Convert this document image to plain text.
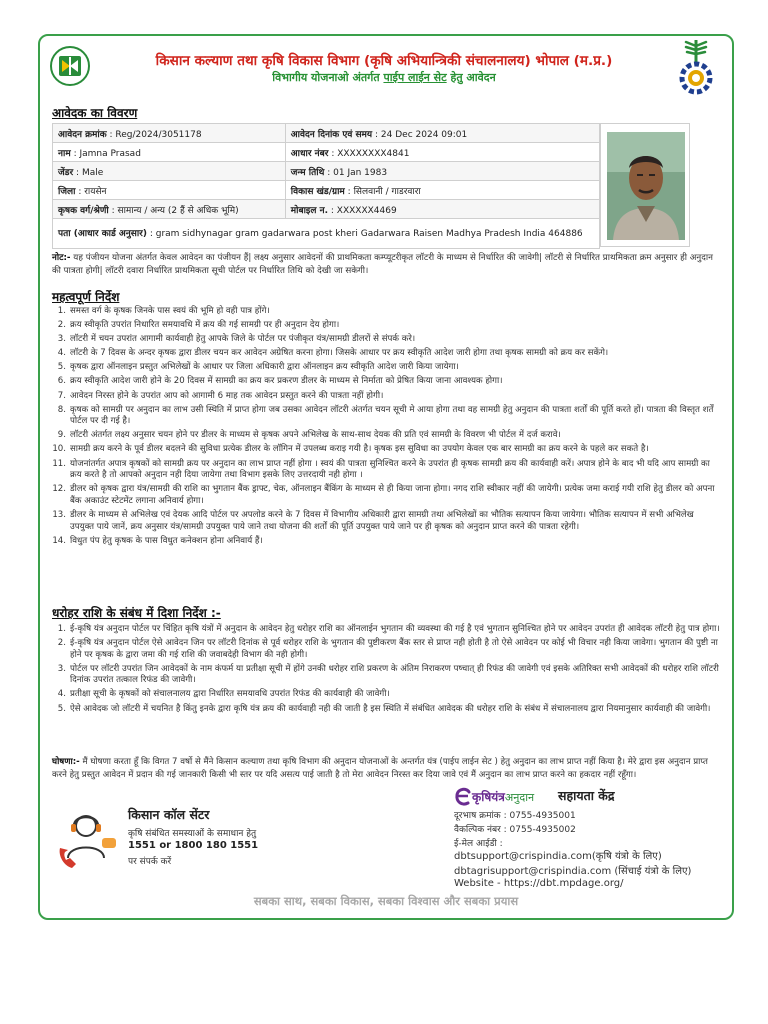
किसान कल्याण तथा कृषि विकास विभाग (कृषि अभियान्त्रिकी संचालनालय) भोपाल (म.प्र.)
विभागीय योजनाओ अंतर्गत पाईप लाईन सेट हेतु आवेदन
आवेदक का विवरण
आवेदन क्रमांक : Reg/2024/3051178	आवेदन दिनांक एवं समय : 24 Dec 2024 09:01
नाम : Jamna Prasad	आधार नंबर : XXXXXXXX4841
जेंडर : Male	जन्म तिथि : 01 Jan 1983
जिला : रायसेन	विकास खंड/ग्राम : सिलवानी / गाडरवारा
कृषक वर्ग/श्रेणी : सामान्य / अन्य (2 हैं से अधिक भूमि)	मोबाइल न. : XXXXXX4469
पता (आधार कार्ड अनुसार) : gram sidhynagar gram gadarwara post kheri Gadarwara Raisen Madhya Pradesh India 464886	
नोट:- यह पंजीयन योजना अंतर्गत केवल आवेदन का पंजीयन हैं| लक्ष्य अनुसार आवेदनों की प्राथमिकता कम्प्यूटरीकृत लॉटरी के माध्यम से निर्धारित की जावेगी| लॉटरी से निर्धारित प्राथमिकता क्रम अनुसार ही अनुदान की पात्रता होगी| लॉटरी दवारा निर्धारित प्राथमिकता सूची पोर्टल पर निर्धारित तिथि को देखी जा सकेगी।
महत्वपूर्ण निर्देश
1. समस्त वर्ग के कृषक जिनके पास स्वयं की भूमि हो वही पात्र होंगे।
2. क्रय स्वीकृति उपरांत निधारित समयावधि में क्रय की गई सामग्री पर ही अनुदान देय होगा।
3. लॉटरी में चयन उपरांत आगामी कार्यवाही हेतु आपके जिले के पोर्टल पर पंजीकृत यंत्र/सामग्री डीलरों से संपर्क करे।
4. लॉटरी के 7 दिवस के अन्दर कृषक द्वारा डीलर चयन कर आवेदन अग्रेषित करना होगा। जिसके आधार पर क्रय स्वीकृति आदेश जारी होगा तथा कृषक सामग्री को क्रय कर सकेंगे।
5. कृषक द्वारा ऑनलाइन प्रस्तुत अभिलेखों के आधार पर जिला अधिकारी द्वारा ऑनलाइन क्रय स्वीकृति आदेश जारी किया जायेगा।
6. क्रय स्वीकृति आदेश जारी होने के 20 दिवस में सामग्री का क्रय कर प्रकरण डीलर के माध्यम से निर्माता को प्रेषित किया जाना आवश्यक होगा।
7. आवेदन निरस्त होने के उपरांत आप को आगामी 6 माह तक आवेदन प्रस्तुत करने की पात्रता नहीं होगी।
8. कृषक को सामग्री पर अनुदान का लाभ उसी स्थिति में प्राप्त होगा जब उसका आवेदन लॉटरी अंतर्गत चयन सूची मे आया होगा तथा वह सामग्री हेतु अनुदान की पात्रता शर्तों की पूर्ति करते हों। पात्रता की विस्तृत शर्तें पोर्टल पर दी गई है।
9. लॉटरी अंतर्गत लक्ष्य अनुसार चयन होने पर डीलर के माध्यम से कृषक अपने अभिलेख के साथ-साथ देयक की प्रति एवं सामग्री के विवरण भी पोर्टल में दर्ज करावे।
10. सामग्री क्रय करने के पूर्व डीलर बदलने की सुविधा प्रत्येक डीलर के लॉगिन में उपलब्ध कराइ गयी है। कृषक इस सुविधा का उपयोग केवल एक बार सामग्री का क्रय करने के पहले कर सकते है।
11. योजनांतर्गत अपात्र कृषकों को सामग्री क्रय पर अनुदान का लाभ प्राप्त नहीं होगा । स्वयं की पात्रता सुनिश्चित करने के उपरांत ही कृषक सामग्री क्रय की कार्यवाही करें। अपात्र होने के बाद भी यदि आप सामग्री का क्रय करते है तो आपको अनुदान नही दिया जायेगा तथा विभाग इसके लिए उत्तरदायी नही होगा ।
12. डीलर को कृषक द्वारा यंत्र/सामग्री की राशि का भुगतान बैंक ड्राफ्ट, चेक, ऑनलाइन बैंकिंग के माध्यम से ही किया जाना होगा। नगद राशि स्वीकार नहीं की जायेगी। प्रत्येक जमा कराई गयी राशि हेतु डीलर को अपना बैंक अकाउंट स्टेटमेंट लगाना अनिवार्य होगा।
13. डीलर के माध्यम से अभिलेख एवं देयक आदि पोर्टल पर अपलोड करने के 7 दिवस में विभागीय अधिकारी द्वारा सामग्री तथा अभिलेखों का भौतिक सत्यापन किया जायेगा। भौतिक सत्यापन में सभी अभिलेख उपयुक्त पाये जानें, क्रय अनुसार यंत्र/सामग्री उपयुक्त पाये जाने तथा योजना की शर्तों की पूर्ति उपयुक्त पाये जाने पर ही कृषक को अनुदान प्राप्त करने की पात्रता रहेगी।
14. विधुत पंप हेतु कृषक के पास विधुत कनेक्शन होना अनिवार्य हैं।
धरोहर राशि के संबंध में दिशा निर्देश :-
1. ई-कृषि यंत्र अनुदान पोर्टल पर चिंहित कृषि यंत्रों में अनुदान के आवेदन हेतु धरोहर राशि का ऑनलाईन भुगतान की व्यवस्था की गई है एवं भुगतान सुनिश्चित होने पर आवेदन उपरांत ही आवेदक लॉटरी हेतु पात्र होगा।
2. ई-कृषि यंत्र अनुदान पोर्टल ऐसे आवेदन जिन पर लॉटरी दिनांक से पूर्व धरोहर राशि के भुगतान की पुष्टीकरण बैंक स्तर से प्राप्त नही होती है तो ऐसे आवेदन पर कोई भी विचार नही किया जावेगा। भुगतान की पुष्टी ना होने पर कृषक के द्वारा जमा की गई राशि की जवाबदेही विभाग की नही होगी।
3. पोर्टल पर लॉटरी उपरांत जिन आवेदकों के नाम कंफर्म या प्रतीक्षा सूची में होंगे उनकी धरोहर राशि प्रकरण के अंतिम निराकरण पष्चात् ही रिफंड की जावेगी एवं इसके अतिरिक्त सभी आवेदकों की धरोहर राशि लॉटरी दिनांक उपरांत तत्काल रिफंड की जावेगी।
4. प्रतीक्षा सूची के कृषकों को संचालनालय द्वारा निर्धारित समयावधि उपरांत रिफंड की कार्यवाही की जावेगी।
5. ऐसे आवेदक जो लॉटरी में चयनित है किंतु इनके द्वारा कृषि यंत्र क्रय की कार्यवाही नही की जाती है इस स्थिति में संबंधित आवेदक की धरोहर राशि के संबंध में संचालनालय द्वारा नियमानुसार कार्यवाही की जावेगी।
घोषणा:- मैं घोषणा करता हूँ कि विगत 7 वर्षो से मैंने किसान कल्याण तथा कृषि विभाग की अनुदान योजनाओं के अन्तर्गत यंत्र (पाईप लाईन सेट ) हेतु अनुदान का लाभ प्राप्त नहीं किया है। मेरे द्वारा इस अनुदान प्राप्त करने हेतु प्रस्तुत आवेदन में प्रदान की गई जानकारी किसी भी स्तर पर यदि असत्य पाई जाती है तो मेरा आवेदन निरस्त कर दिया जावे एवं मैं अनुदान का लाभ प्राप्त करने का हकदार नहीं रहूँगा।
किसान कॉल सेंटर
कृषि संबंधित समस्याओं के समाधान हेतु
1551 or 1800 180 1551
पर संपर्क करें
कृषियंत्रअनुदान सहायता केंद्र
दूरभाष क्रमांक : 0755-4935001
वैकल्पिक नंबर : 0755-4935002
ई-मेल आईडी :
dbtsupport@crispindia.com(कृषि यंत्रो के लिए)
dbtagrisupport@crispindia.com (सिंचाई यंत्रो के लिए)
Website - https://dbt.mpdage.org/
सबका साथ, सबका विकास, सबका विश्वास और सबका प्रयास
